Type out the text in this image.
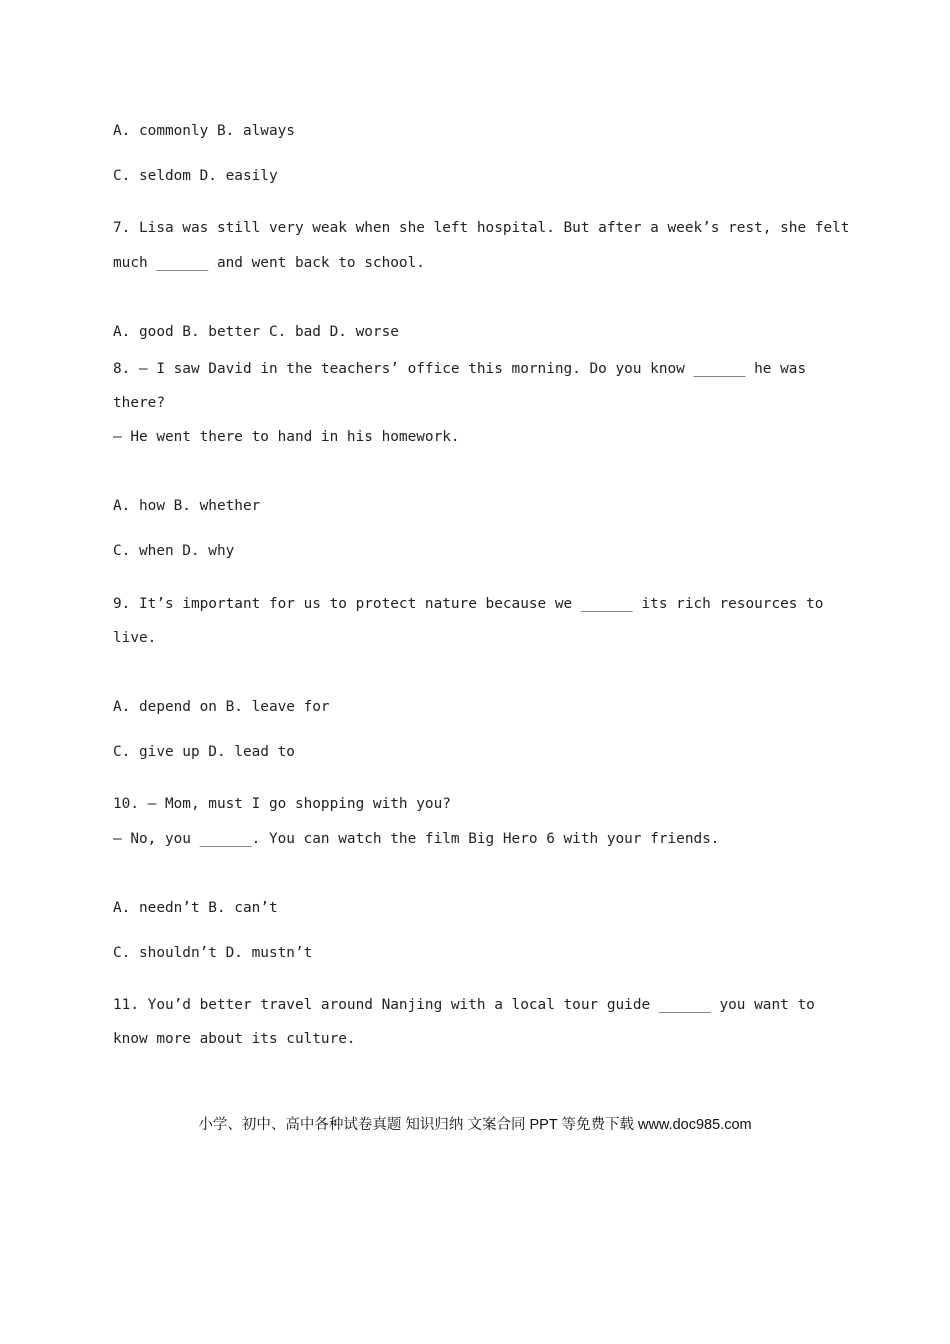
A. commonly B. always
C. seldom D. easily
7. Lisa was still very weak when she left hospital. But after a week’s rest, she felt
much ______ and went back to school.
A. good B. better C. bad D. worse
8. — I saw David in the teachers’ office this morning. Do you know ______ he was
there?
— He went there to hand in his homework.
A. how B. whether
C. when D. why
9. It’s important for us to protect nature because we ______ its rich resources to
live.
A. depend on B. leave for
C. give up D. lead to
10. — Mom, must I go shopping with you?
— No, you ______. You can watch the film Big Hero 6 with your friends.
A. needn’t B. can’t
C. shouldn’t D. mustn’t
11. You’d better travel around Nanjing with a local tour guide ______ you want to
know more about its culture.
小学、初中、高中各种试卷真题 知识归纳 文案合同 PPT 等免费下载 www.doc985.com
